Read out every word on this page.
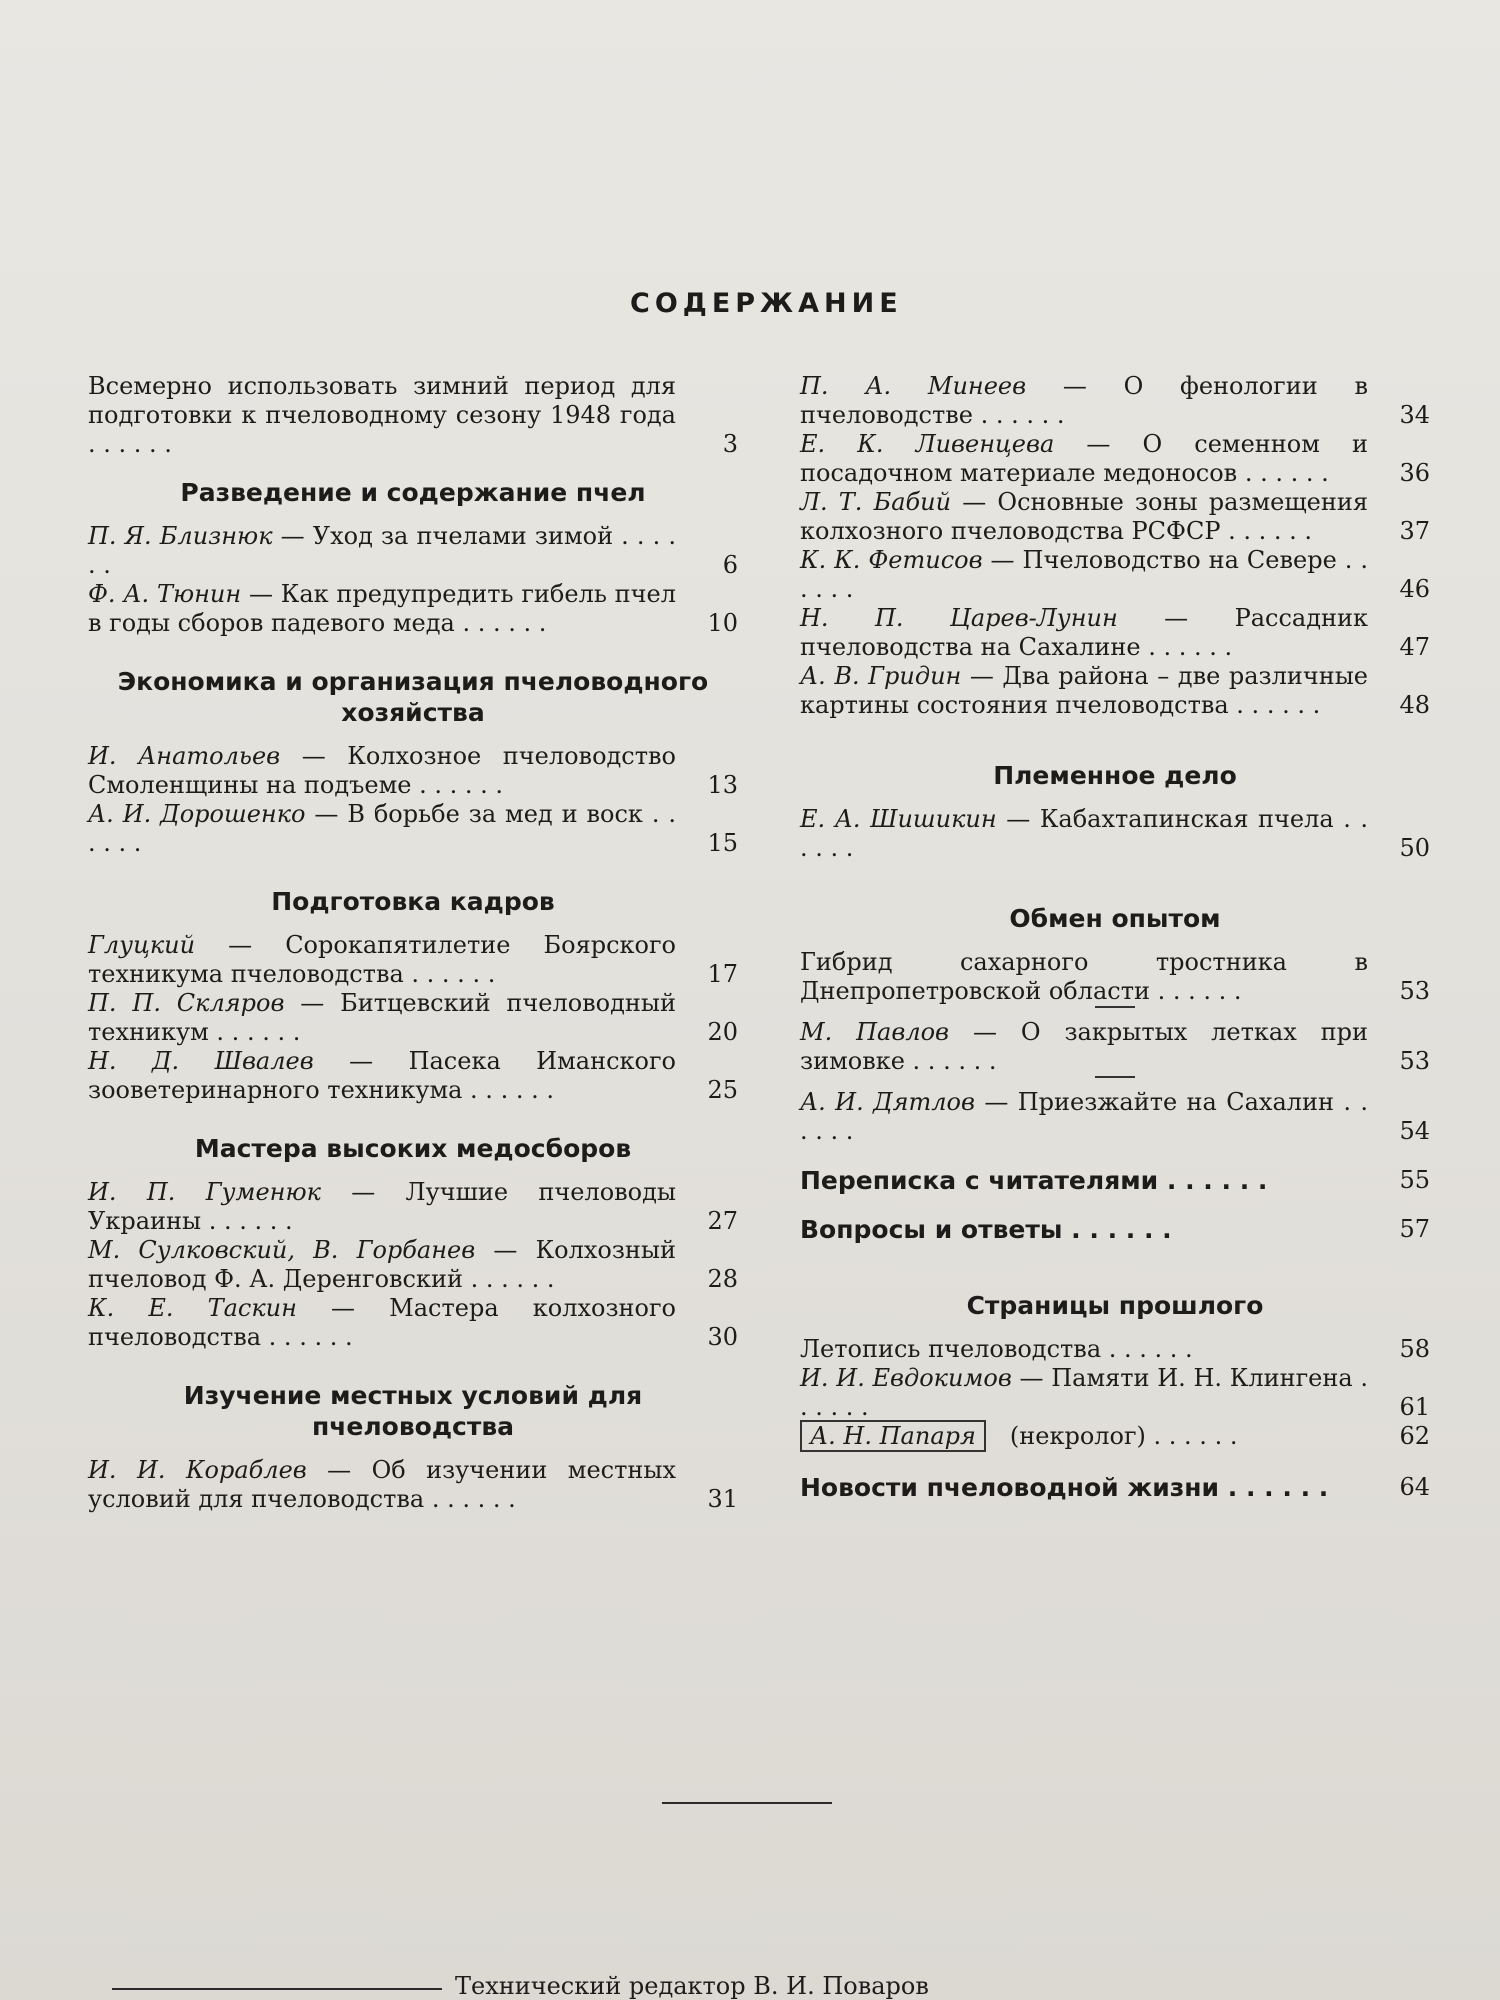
СОДЕРЖАНИЕ
Всемерно использовать зимний период для подготовки к пчеловодному сезону 1948 года . . . . . .	3
Разведение и содержание пчел
П. Я. Близнюк — Уход за пчелами зимой . . . . . .	6
Ф. А. Тюнин — Как предупредить гибель пчел в годы сборов падевого меда . . . . . .	10
Экономика и организация пчеловодного хозяйства
И. Анатольев — Колхозное пчеловодство Смоленщины на подъеме . . . . . .	13
А. И. Дорошенко — В борьбе за мед и воск . . . . . .	15
Подготовка кадров
Глуцкий — Сорокапятилетие Боярского техникума пчеловодства . . . . . .	17
П. П. Скляров — Битцевский пчеловодный техникум . . . . . .	20
Н. Д. Швалев — Пасека Иманского зооветеринарного техникума . . . . . .	25
Мастера высоких медосборов
И. П. Гуменюк — Лучшие пчеловоды Украины . . . . . .	27
М. Сулковский, В. Горбанев — Колхозный пчеловод Ф. А. Деренговский . . . . . .	28
К. Е. Таскин — Мастера колхозного пчеловодства . . . . . .	30
Изучение местных условий для пчеловодства
И. И. Кораблев — Об изучении местных условий для пчеловодства . . . . . .	31
П. А. Минеев — О фенологии в пчеловодстве . . . . . .	34
Е. К. Ливенцева — О семенном и посадочном материале медоносов . . . . . .	36
Л. Т. Бабий — Основные зоны размещения колхозного пчеловодства РСФСР . . . . . .	37
К. К. Фетисов — Пчеловодство на Севере . . . . . .	46
Н. П. Царев-Лунин — Рассадник пчеловодства на Сахалине . . . . . .	47
А. В. Гридин — Два района – две различные картины состояния пчеловодства . . . . . .	48
Племенное дело
Е. А. Шишикин — Кабахтапинская пчела . . . . . .	50
Обмен опытом
Гибрид сахарного тростника в Днепропетровской области . . . . . .	53
М. Павлов — О закрытых летках при зимовке . . . . . .	53
А. И. Дятлов — Приезжайте на Сахалин . . . . . .	54
Переписка с читателями . . . . . .	55
Вопросы и ответы . . . . . .	57
Страницы прошлого
Летопись пчеловодства . . . . . .	58
И. И. Евдокимов — Памяти И. Н. Клингена . . . . . .	61
А. Н. Папаря (некролог) . . . . . .	62
Новости пчеловодной жизни . . . . . .	64
Технический редактор В. И. Поваров
